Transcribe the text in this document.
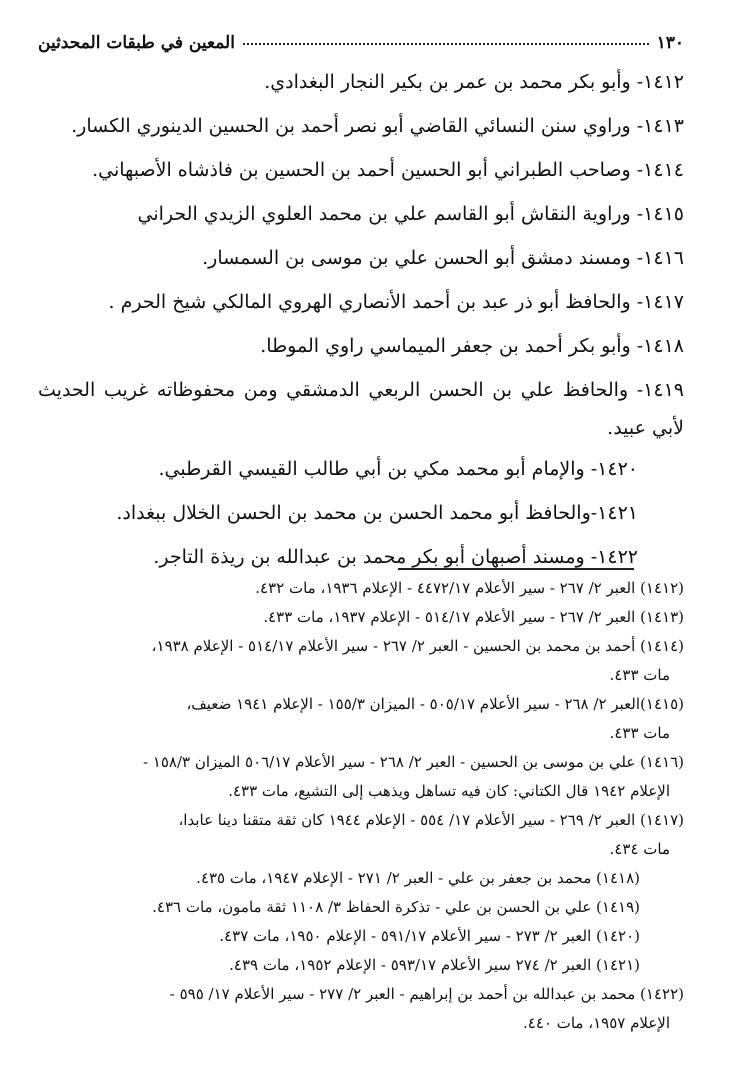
١٣٠
المعين في طبقات المحدثين
١٤١٢- وأبو بكر محمد بن عمر بن بكير النجار البغدادي.
١٤١٣- وراوي سنن النسائي القاضي أبو نصر أحمد بن الحسين الدينوري الكسار.
١٤١٤- وصاحب الطبراني أبو الحسين أحمد بن الحسين بن فاذشاه الأصبهاني.
١٤١٥- وراوية النقاش أبو القاسم علي بن محمد العلوي الزيدي الحراني
١٤١٦- ومسند دمشق أبو الحسن علي بن موسى بن السمسار.
١٤١٧- والحافظ أبو ذر عبد بن أحمد الأنصاري الهروي المالكي شيخ الحرم .
١٤١٨- وأبو بكر أحمد بن جعفر الميماسي راوي الموطا.
١٤١٩- والحافظ علي بن الحسن الربعي الدمشقي ومن محفوظاته غريب الحديث لأبي عبيد.
١٤٢٠- والإمام أبو محمد مكي بن أبي طالب القيسي القرطبي.
١٤٢١-والحافظ أبو محمد الحسن بن محمد بن الحسن الخلال ببغداد.
١٤٢٢- ومسند أصبهان أبو بكر محمد بن عبدالله بن ريذة التاجر.
(١٤١٢) العبر ٢/ ٢٦٧ - سير الأعلام ٤٤٧٢/١٧ - الإعلام ١٩٣٦، مات ٤٣٢.
(١٤١٣) العبر ٢/ ٢٦٧ - سير الأعلام ٥١٤/١٧ - الإعلام ١٩٣٧، مات ٤٣٣.
(١٤١٤) أحمد بن محمد بن الحسين - العبر ٢/ ٢٦٧ - سير الأعلام ٥١٤/١٧ - الإعلام ١٩٣٨،
مات ٤٣٣.
(١٤١٥)العبر ٢/ ٢٦٨ - سير الأعلام ٥٠٥/١٧ - الميزان ١٥٥/٣ - الإعلام ١٩٤١ ضعيف،
مات ٤٣٣.
(١٤١٦) علي بن موسى بن الحسين - العبر ٢/ ٢٦٨ - سير الأعلام ٥٠٦/١٧ الميزان ١٥٨/٣ -
الإعلام ١٩٤٢ قال الكتاني: كان فيه تساهل ويذهب إلى التشيع، مات ٤٣٣.
(١٤١٧) العبر ٢/ ٢٦٩ - سير الأعلام ١٧/ ٥٥٤ - الإعلام ١٩٤٤ كان ثقة متقنا دينا عابدا،
مات ٤٣٤.
(١٤١٨) محمد بن جعفر بن علي - العبر ٢/ ٢٧١ - الإعلام ١٩٤٧، مات ٤٣٥.
(١٤١٩) علي بن الحسن بن علي - تذكرة الحفاظ ٣/ ١١٠٨ ثقة مامون، مات ٤٣٦.
(١٤٢٠) العبر ٢/ ٢٧٣ - سير الأعلام ٥٩١/١٧ - الإعلام ١٩٥٠، مات ٤٣٧.
(١٤٢١) العبر ٢/ ٢٧٤ سير الأعلام ٥٩٣/١٧ - الإعلام ١٩٥٢، مات ٤٣٩.
(١٤٢٢) محمد بن عبدالله بن أحمد بن إبراهيم - العبر ٢/ ٢٧٧ - سير الأعلام ١٧/ ٥٩٥ -
الإعلام ١٩٥٧، مات ٤٤٠.
